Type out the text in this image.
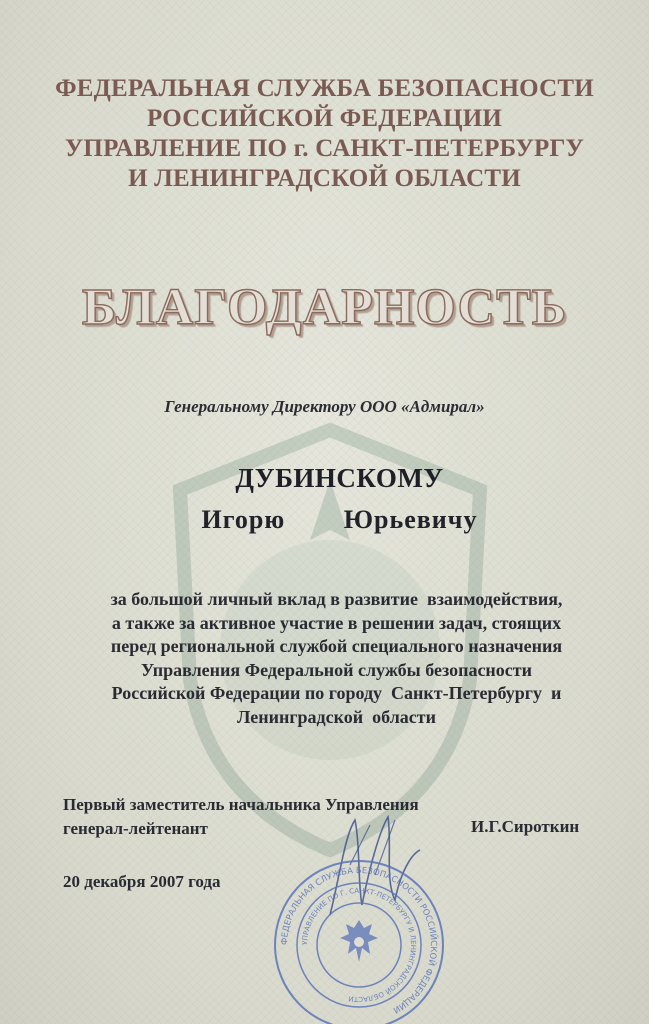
ФЕДЕРАЛЬНАЯ СЛУЖБА БЕЗОПАСНОСТИ
РОССИЙСКОЙ ФЕДЕРАЦИИ
УПРАВЛЕНИЕ ПО г. САНКТ-ПЕТЕРБУРГУ
И ЛЕНИНГРАДСКОЙ ОБЛАСТИ
БЛАГОДАРНОСТЬ
Генеральному Директору ООО «Адмирал»
ДУБИНСКОМУ
Игорю   Юрьевичу
за большой личный вклад в развитие  взаимодействия,
а также за активное участие в решении задач, стоящих
перед региональной службой специального назначения
Управления Федеральной службы безопасности
Российской Федерации по городу  Санкт-Петербургу  и
Ленинградской  области
Первый заместитель начальника Управления
генерал-лейтенант	И.Г.Сироткин
20 декабря 2007 года
ФЕДЕРАЛЬНАЯ СЛУЖБА БЕЗОПАСНОСТИ РОССИЙСКОЙ ФЕДЕРАЦИИ
УПРАВЛЕНИЕ ПО Г. САНКТ-ПЕТЕРБУРГУ И ЛЕНИНГРАДСКОЙ ОБЛАСТИ
